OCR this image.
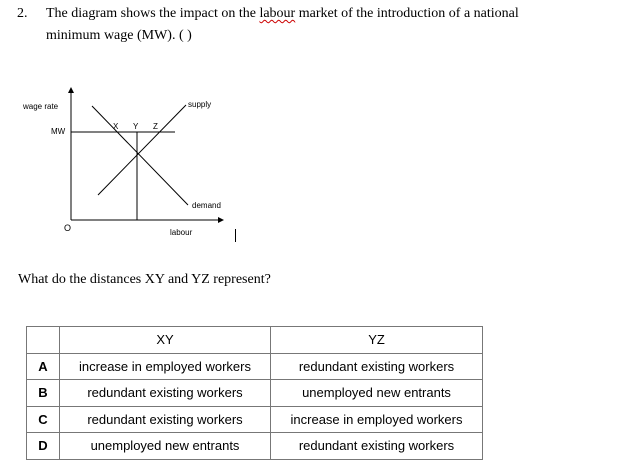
2. The diagram shows the impact on the labour market of the introduction of a national
minimum wage (MW). ( )
wage rate
MW
O	labour
supply
demand
X Y Z
What do the distances XY and YZ represent?
	XY	YZ
A	increase in employed workers	redundant existing workers
B	redundant existing workers	unemployed new entrants
C	redundant existing workers	increase in employed workers
D	unemployed new entrants	redundant existing workers
